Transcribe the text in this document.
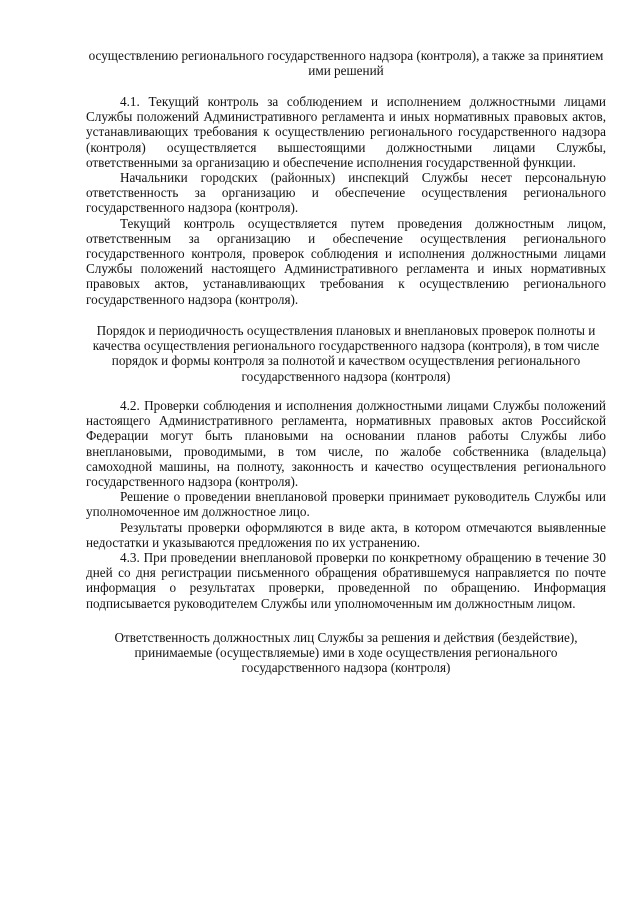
осуществлению регионального государственного надзора (контроля), а также за принятием ими решений

4.1. Текущий контроль за соблюдением и исполнением должностными лицами Службы положений Административного регламента и иных нормативных правовых актов, устанавливающих требования к осуществлению регионального государственного надзора (контроля) осуществляется вышестоящими должностными лицами Службы, ответственными за организацию и обеспечение исполнения государственной функции.

Начальники городских (районных) инспекций Службы несет персональную ответственность за организацию и обеспечение осуществления регионального государственного надзора (контроля).

Текущий контроль осуществляется путем проведения должностным лицом, ответственным за организацию и обеспечение осуществления регионального государственного контроля, проверок соблюдения и исполнения должностными лицами Службы положений настоящего Административного регламента и иных нормативных правовых актов, устанавливающих требования к осуществлению регионального государственного надзора (контроля).

Порядок и периодичность осуществления плановых и внеплановых проверок полноты и качества осуществления регионального государственного надзора (контроля), в том числе порядок и формы контроля за полнотой и качеством осуществления регионального государственного надзора (контроля)

4.2. Проверки соблюдения и исполнения должностными лицами Службы положений настоящего Административного регламента, нормативных правовых актов Российской Федерации могут быть плановыми на основании планов работы Службы либо внеплановыми, проводимыми, в том числе, по жалобе собственника (владельца) самоходной машины, на полноту, законность и качество осуществления регионального государственного надзора (контроля).

Решение о проведении внеплановой проверки принимает руководитель Службы или уполномоченное им должностное лицо.

Результаты проверки оформляются в виде акта, в котором отмечаются выявленные недостатки и указываются предложения по их устранению.

4.3. При проведении внеплановой проверки по конкретному обращению в течение 30 дней со дня регистрации письменного обращения обратившемуся направляется по почте информация о результатах проверки, проведенной по обращению. Информация подписывается руководителем Службы или уполномоченным им должностным лицом.

Ответственность должностных лиц Службы за решения и действия (бездействие), принимаемые (осуществляемые) ими в ходе осуществления регионального государственного надзора (контроля)
